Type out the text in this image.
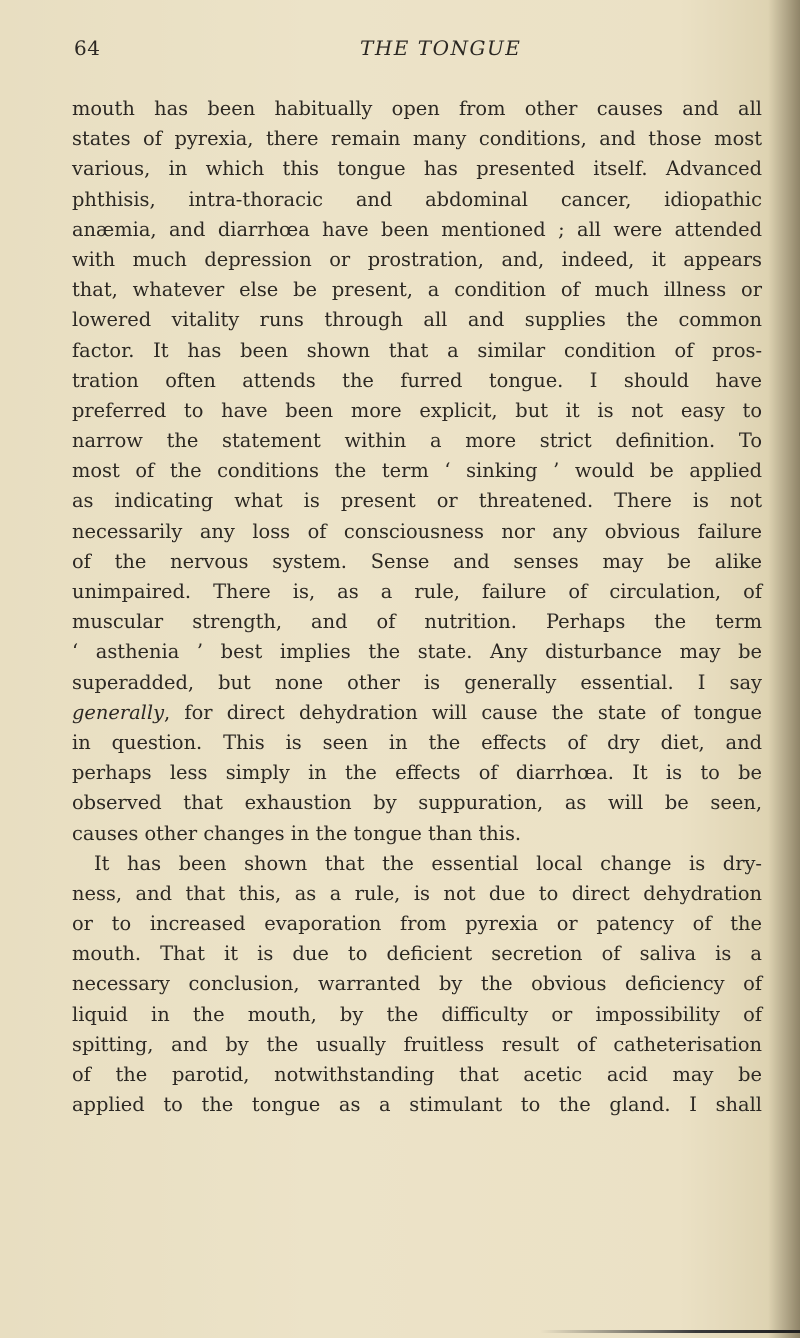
64	THE TONGUE
mouth has been habitually open from other causes and all
states of pyrexia, there remain many conditions, and those most
various, in which this tongue has presented itself. Advanced
phthisis, intra-thoracic and abdominal cancer, idiopathic
anæmia, and diarrhœa have been mentioned ; all were attended
with much depression or prostration, and, indeed, it appears
that, whatever else be present, a condition of much illness or
lowered vitality runs through all and supplies the common
factor. It has been shown that a similar condition of pros-
tration often attends the furred tongue. I should have
preferred to have been more explicit, but it is not easy to
narrow the statement within a more strict definition. To
most of the conditions the term ‘ sinking ’ would be applied
as indicating what is present or threatened. There is not
necessarily any loss of consciousness nor any obvious failure
of the nervous system. Sense and senses may be alike
unimpaired. There is, as a rule, failure of circulation, of
muscular strength, and of nutrition. Perhaps the term
‘ asthenia ’ best implies the state. Any disturbance may be
superadded, but none other is generally essential. I say
generally, for direct dehydration will cause the state of tongue
in question. This is seen in the effects of dry diet, and
perhaps less simply in the effects of diarrhœa. It is to be
observed that exhaustion by suppuration, as will be seen,
causes other changes in the tongue than this.
It has been shown that the essential local change is dry-
ness, and that this, as a rule, is not due to direct dehydration
or to increased evaporation from pyrexia or patency of the
mouth. That it is due to deficient secretion of saliva is a
necessary conclusion, warranted by the obvious deficiency of
liquid in the mouth, by the difficulty or impossibility of
spitting, and by the usually fruitless result of catheterisation
of the parotid, notwithstanding that acetic acid may be
applied to the tongue as a stimulant to the gland. I shall
